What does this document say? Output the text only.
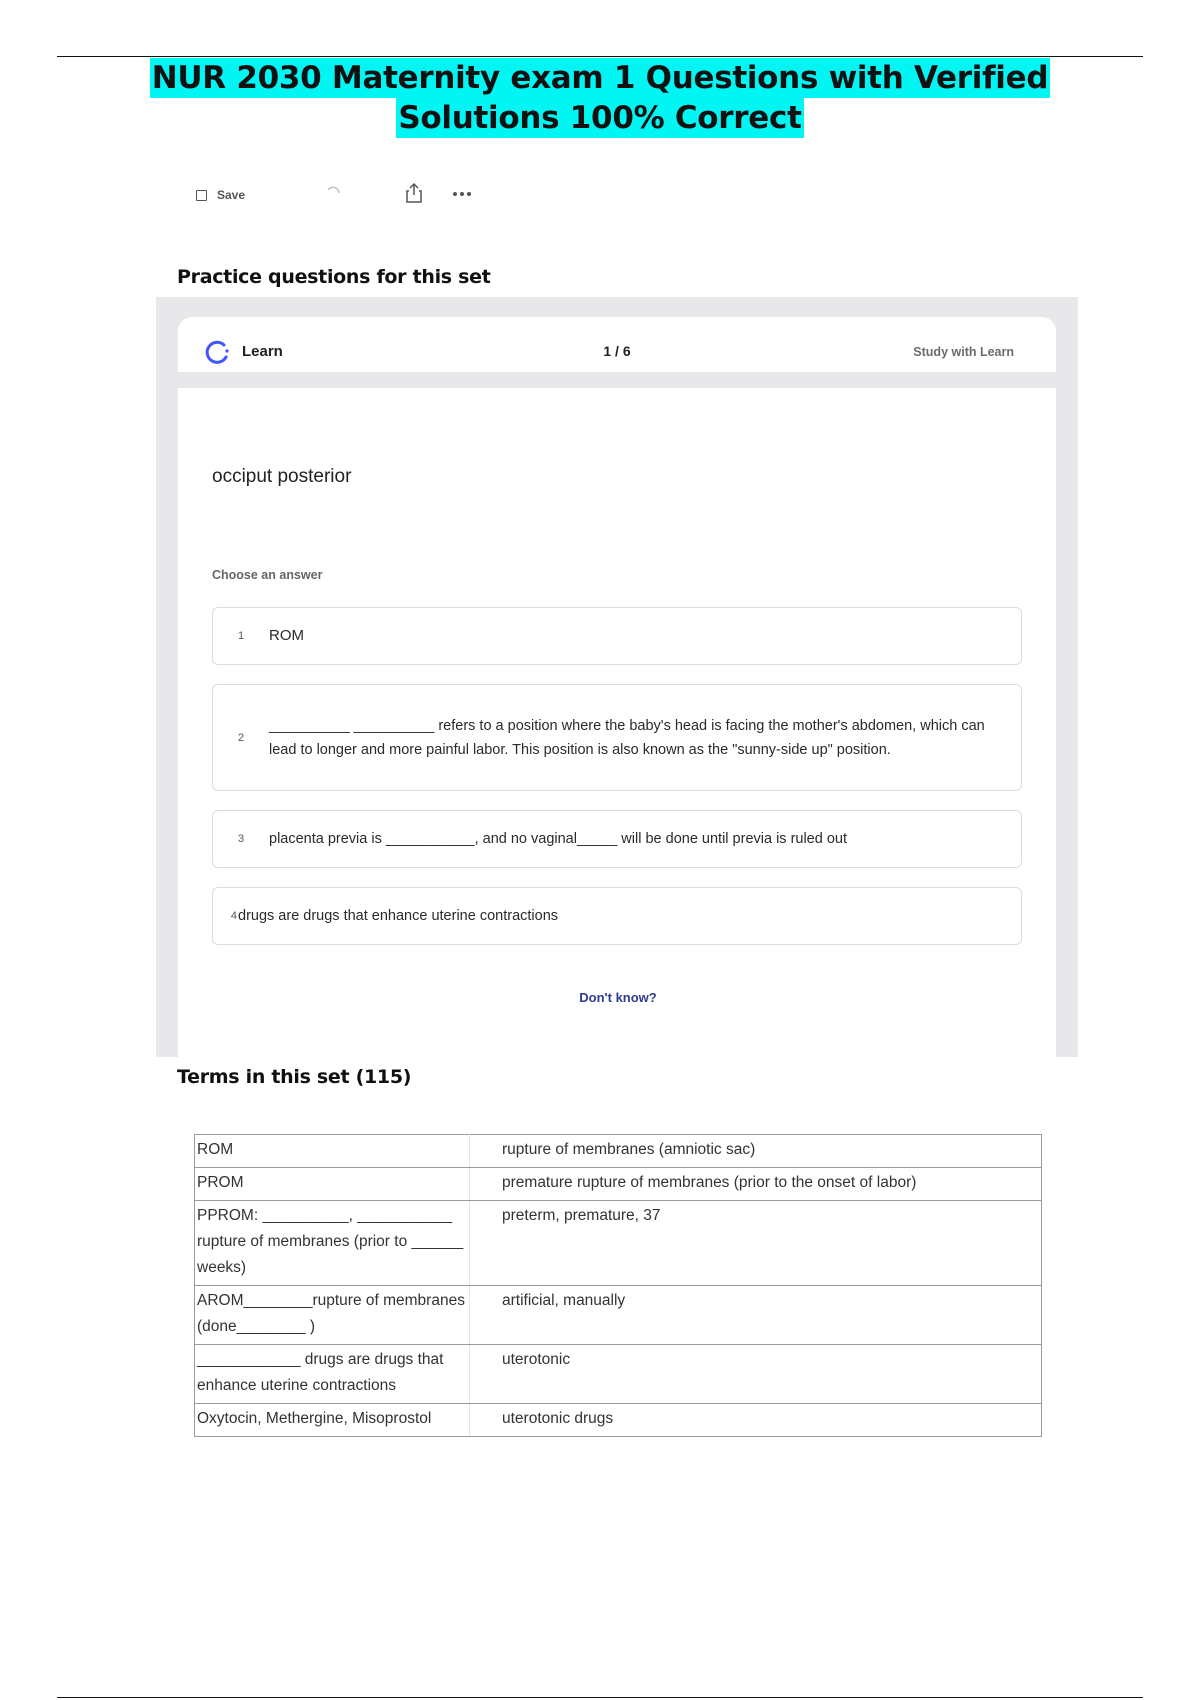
NUR 2030 Maternity exam 1 Questions with Verified
Solutions 100% Correct
Save
Practice questions for this set
Learn	1 / 6	Study with Learn
occiput posterior
Choose an answer
1	ROM
2
__________ __________ refers to a position where the baby's head is facing the mother's abdomen, which can lead to longer and more painful labor. This position is also known as the "sunny-side up" position.
3	placenta previa is ___________, and no vaginal_____ will be done until previa is ruled out
4 drugs are drugs that enhance uterine contractions
Don't know?
Terms in this set (115)
ROM	rupture of membranes (amniotic sac)
PROM	premature rupture of membranes (prior to the onset of labor)
PPROM: __________, ___________ rupture of membranes (prior to ______ weeks)	preterm, premature, 37
AROM________rupture of membranes (done________ )	artificial, manually
____________ drugs are drugs that enhance uterine contractions	uterotonic
Oxytocin, Methergine, Misoprostol	uterotonic drugs
